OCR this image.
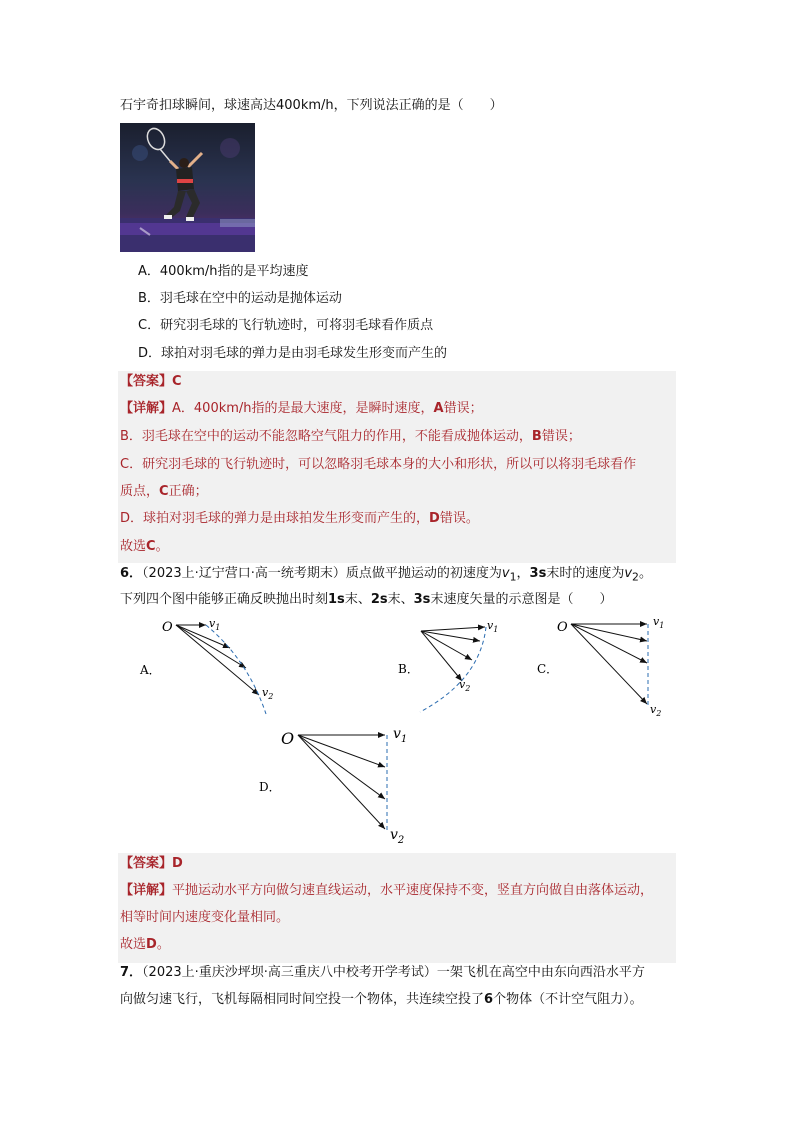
石宇奇扣球瞬间，球速高达400km/h，下列说法正确的是（　　）
A．400km/h指的是平均速度
B．羽毛球在空中的运动是抛体运动
C．研究羽毛球的飞行轨迹时，可将羽毛球看作质点
D．球拍对羽毛球的弹力是由羽毛球发生形变而产生的
【答案】C
【详解】A．400km/h指的是最大速度，是瞬时速度，A错误；
B．羽毛球在空中的运动不能忽略空气阻力的作用，不能看成抛体运动，B错误；
C．研究羽毛球的飞行轨迹时，可以忽略羽毛球本身的大小和形状，所以可以将羽毛球看作
质点，C正确；
D．球拍对羽毛球的弹力是由球拍发生形变而产生的，D错误。
故选C。
6．（2023上·辽宁营口·高一统考期末）质点做平抛运动的初速度为$v_1$，3s末时的速度为$v_2$。
下列四个图中能够正确反映抛出时刻1s末、2s末、3s末速度矢量的示意图是（　　）
A．
O	$v_1$
$v_2$
B．
$v_1$
$v_2$
C．
O	$v_1$
$v_2$
D．
O	$v_1$
$v_2$
【答案】D
【详解】平抛运动水平方向做匀速直线运动，水平速度保持不变，竖直方向做自由落体运动，
相等时间内速度变化量相同。
故选D。
7．（2023上·重庆沙坪坝·高三重庆八中校考开学考试）一架飞机在高空中由东向西沿水平方
向做匀速飞行，飞机每隔相同时间空投一个物体，共连续空投了6个物体（不计空气阻力）。
